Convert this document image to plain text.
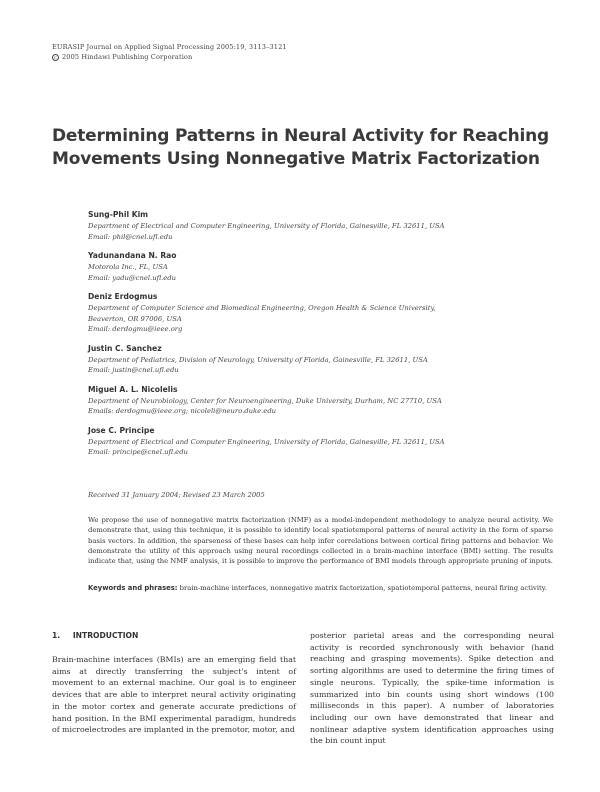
EURASIP Journal on Applied Signal Processing 2005:19, 3113–3121
c 2005 Hindawi Publishing Corporation
Determining Patterns in Neural Activity for Reaching Movements Using Nonnegative Matrix Factorization
Sung-Phil Kim
Department of Electrical and Computer Engineering, University of Florida, Gainesville, FL 32611, USA
Email: phil@cnel.ufl.edu
Yadunandana N. Rao
Motorola Inc., FL, USA
Email: yadu@cnel.ufl.edu
Deniz Erdogmus
Department of Computer Science and Biomedical Engineering, Oregon Health & Science University,
Beaverton, OR 97006, USA
Email: derdogmu@ieee.org
Justin C. Sanchez
Department of Pediatrics, Division of Neurology, University of Florida, Gainesville, FL 32611, USA
Email: justin@cnel.ufl.edu
Miguel A. L. Nicolelis
Department of Neurobiology, Center for Neuroengineering, Duke University, Durham, NC 27710, USA
Emails: derdogmu@ieee.org; nicoleli@neuro.duke.edu
Jose C. Principe
Department of Electrical and Computer Engineering, University of Florida, Gainesville, FL 32611, USA
Email: principe@cnel.ufl.edu
Received 31 January 2004; Revised 23 March 2005

We propose the use of nonnegative matrix factorization (NMF) as a model-independent methodology to analyze neural activity. We demonstrate that, using this technique, it is possible to identify local spatiotemporal patterns of neural activity in the form of sparse basis vectors. In addition, the sparseness of these bases can help infer correlations between cortical firing patterns and behavior. We demonstrate the utility of this approach using neural recordings collected in a brain-machine interface (BMI) setting. The results indicate that, using the NMF analysis, it is possible to improve the performance of BMI models through appropriate pruning of inputs.

Keywords and phrases: brain-machine interfaces, nonnegative matrix factorization, spatiotemporal patterns, neural firing activity.

1. INTRODUCTION

Brain-machine interfaces (BMIs) are an emerging field that aims at directly transferring the subject's intent of movement to an external machine. Our goal is to engineer devices that are able to interpret neural activity originating in the motor cortex and generate accurate predictions of hand position. In the BMI experimental paradigm, hundreds of microelectrodes are implanted in the premotor, motor, and

posterior parietal areas and the corresponding neural activity is recorded synchronously with behavior (hand reaching and grasping movements). Spike detection and sorting algorithms are used to determine the firing times of single neurons. Typically, the spike-time information is summarized into bin counts using short windows (100 milliseconds in this paper). A number of laboratories including our own have demonstrated that linear and nonlinear adaptive system identification approaches using the bin count input
